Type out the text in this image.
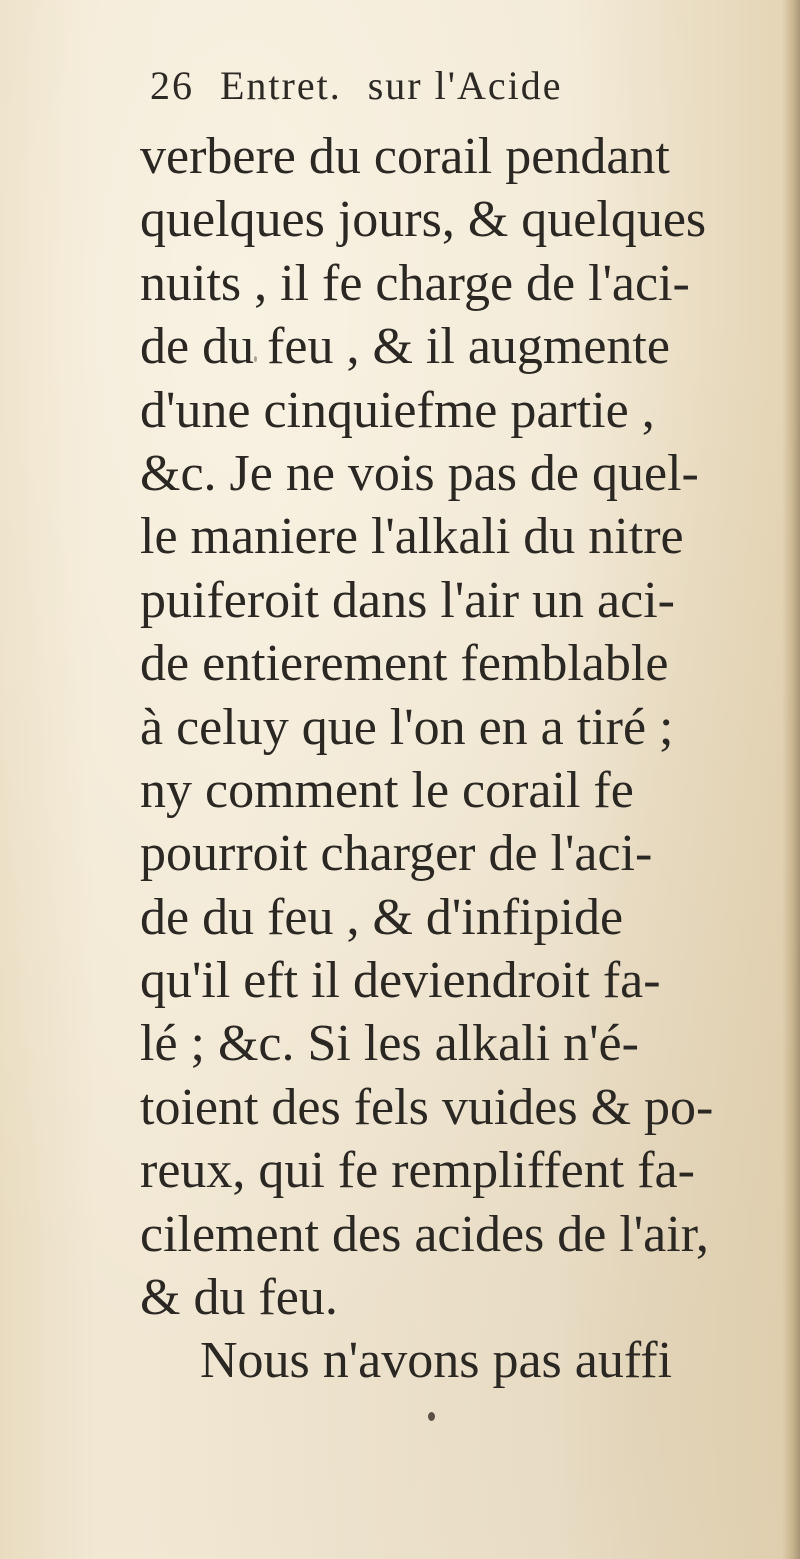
26 Entret. sur l'Acide
verbere du corail pendant
quelques jours, & quelques
nuits , il fe charge de l'aci-
de du feu , & il augmente
d'une cinquiefme partie ,
&c. Je ne vois pas de quel-
le maniere l'alkali du nitre
puiferoit dans l'air un aci-
de entierement femblable
à celuy que l'on en a tiré ;
ny comment le corail fe
pourroit charger de l'aci-
de du feu , & d'infipide
qu'il eft il deviendroit fa-
lé ; &c. Si les alkali n'é-
toient des fels vuides & po-
reux, qui fe rempliffent fa-
cilement des acides de l'air,
& du feu.
Nous n'avons pas auffi
